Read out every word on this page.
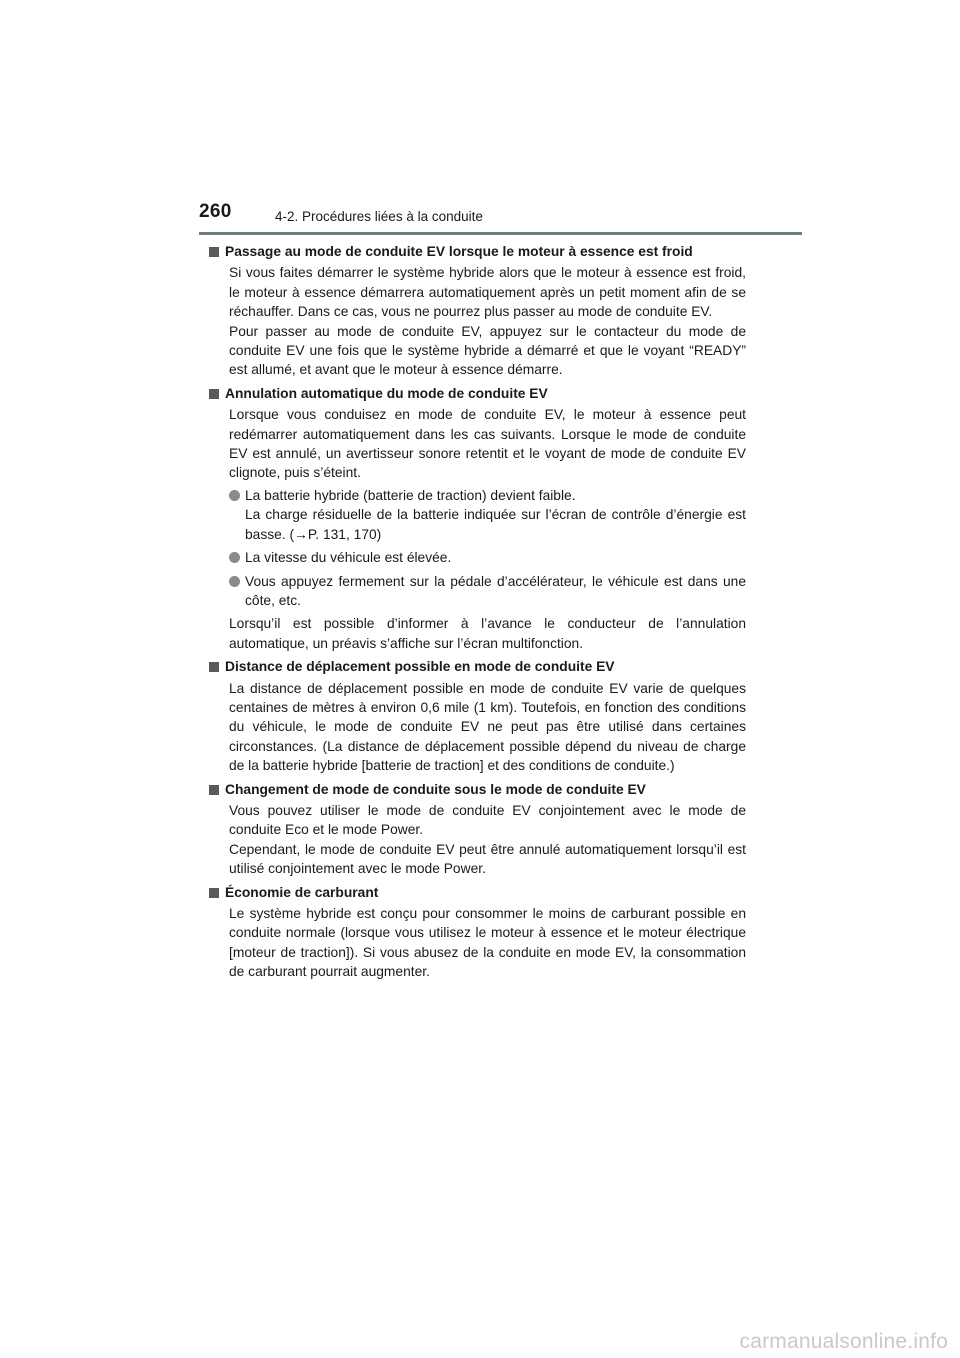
260	4-2. Procédures liées à la conduite
Passage au mode de conduite EV lorsque le moteur à essence est froid
Si vous faites démarrer le système hybride alors que le moteur à essence est froid, le moteur à essence démarrera automatiquement après un petit moment afin de se réchauffer. Dans ce cas, vous ne pourrez plus passer au mode de conduite EV.
Pour passer au mode de conduite EV, appuyez sur le contacteur du mode de conduite EV une fois que le système hybride a démarré et que le voyant “READY” est allumé, et avant que le moteur à essence démarre.
Annulation automatique du mode de conduite EV
Lorsque vous conduisez en mode de conduite EV, le moteur à essence peut redémarrer automatiquement dans les cas suivants. Lorsque le mode de conduite EV est annulé, un avertisseur sonore retentit et le voyant de mode de conduite EV clignote, puis s’éteint.
La batterie hybride (batterie de traction) devient faible.
La charge résiduelle de la batterie indiquée sur l’écran de contrôle d’énergie est basse. (→P. 131, 170)
La vitesse du véhicule est élevée.
Vous appuyez fermement sur la pédale d’accélérateur, le véhicule est dans une côte, etc.
Lorsqu’il est possible d’informer à l’avance le conducteur de l’annulation automatique, un préavis s’affiche sur l’écran multifonction.
Distance de déplacement possible en mode de conduite EV
La distance de déplacement possible en mode de conduite EV varie de quelques centaines de mètres à environ 0,6 mile (1 km). Toutefois, en fonction des conditions du véhicule, le mode de conduite EV ne peut pas être utilisé dans certaines circonstances. (La distance de déplacement possible dépend du niveau de charge de la batterie hybride [batterie de traction] et des conditions de conduite.)
Changement de mode de conduite sous le mode de conduite EV
Vous pouvez utiliser le mode de conduite EV conjointement avec le mode de conduite Eco et le mode Power.
Cependant, le mode de conduite EV peut être annulé automatiquement lorsqu’il est utilisé conjointement avec le mode Power.
Économie de carburant
Le système hybride est conçu pour consommer le moins de carburant possible en conduite normale (lorsque vous utilisez le moteur à essence et le moteur électrique [moteur de traction]). Si vous abusez de la conduite en mode EV, la consommation de carburant pourrait augmenter.
carmanualsonline.info
